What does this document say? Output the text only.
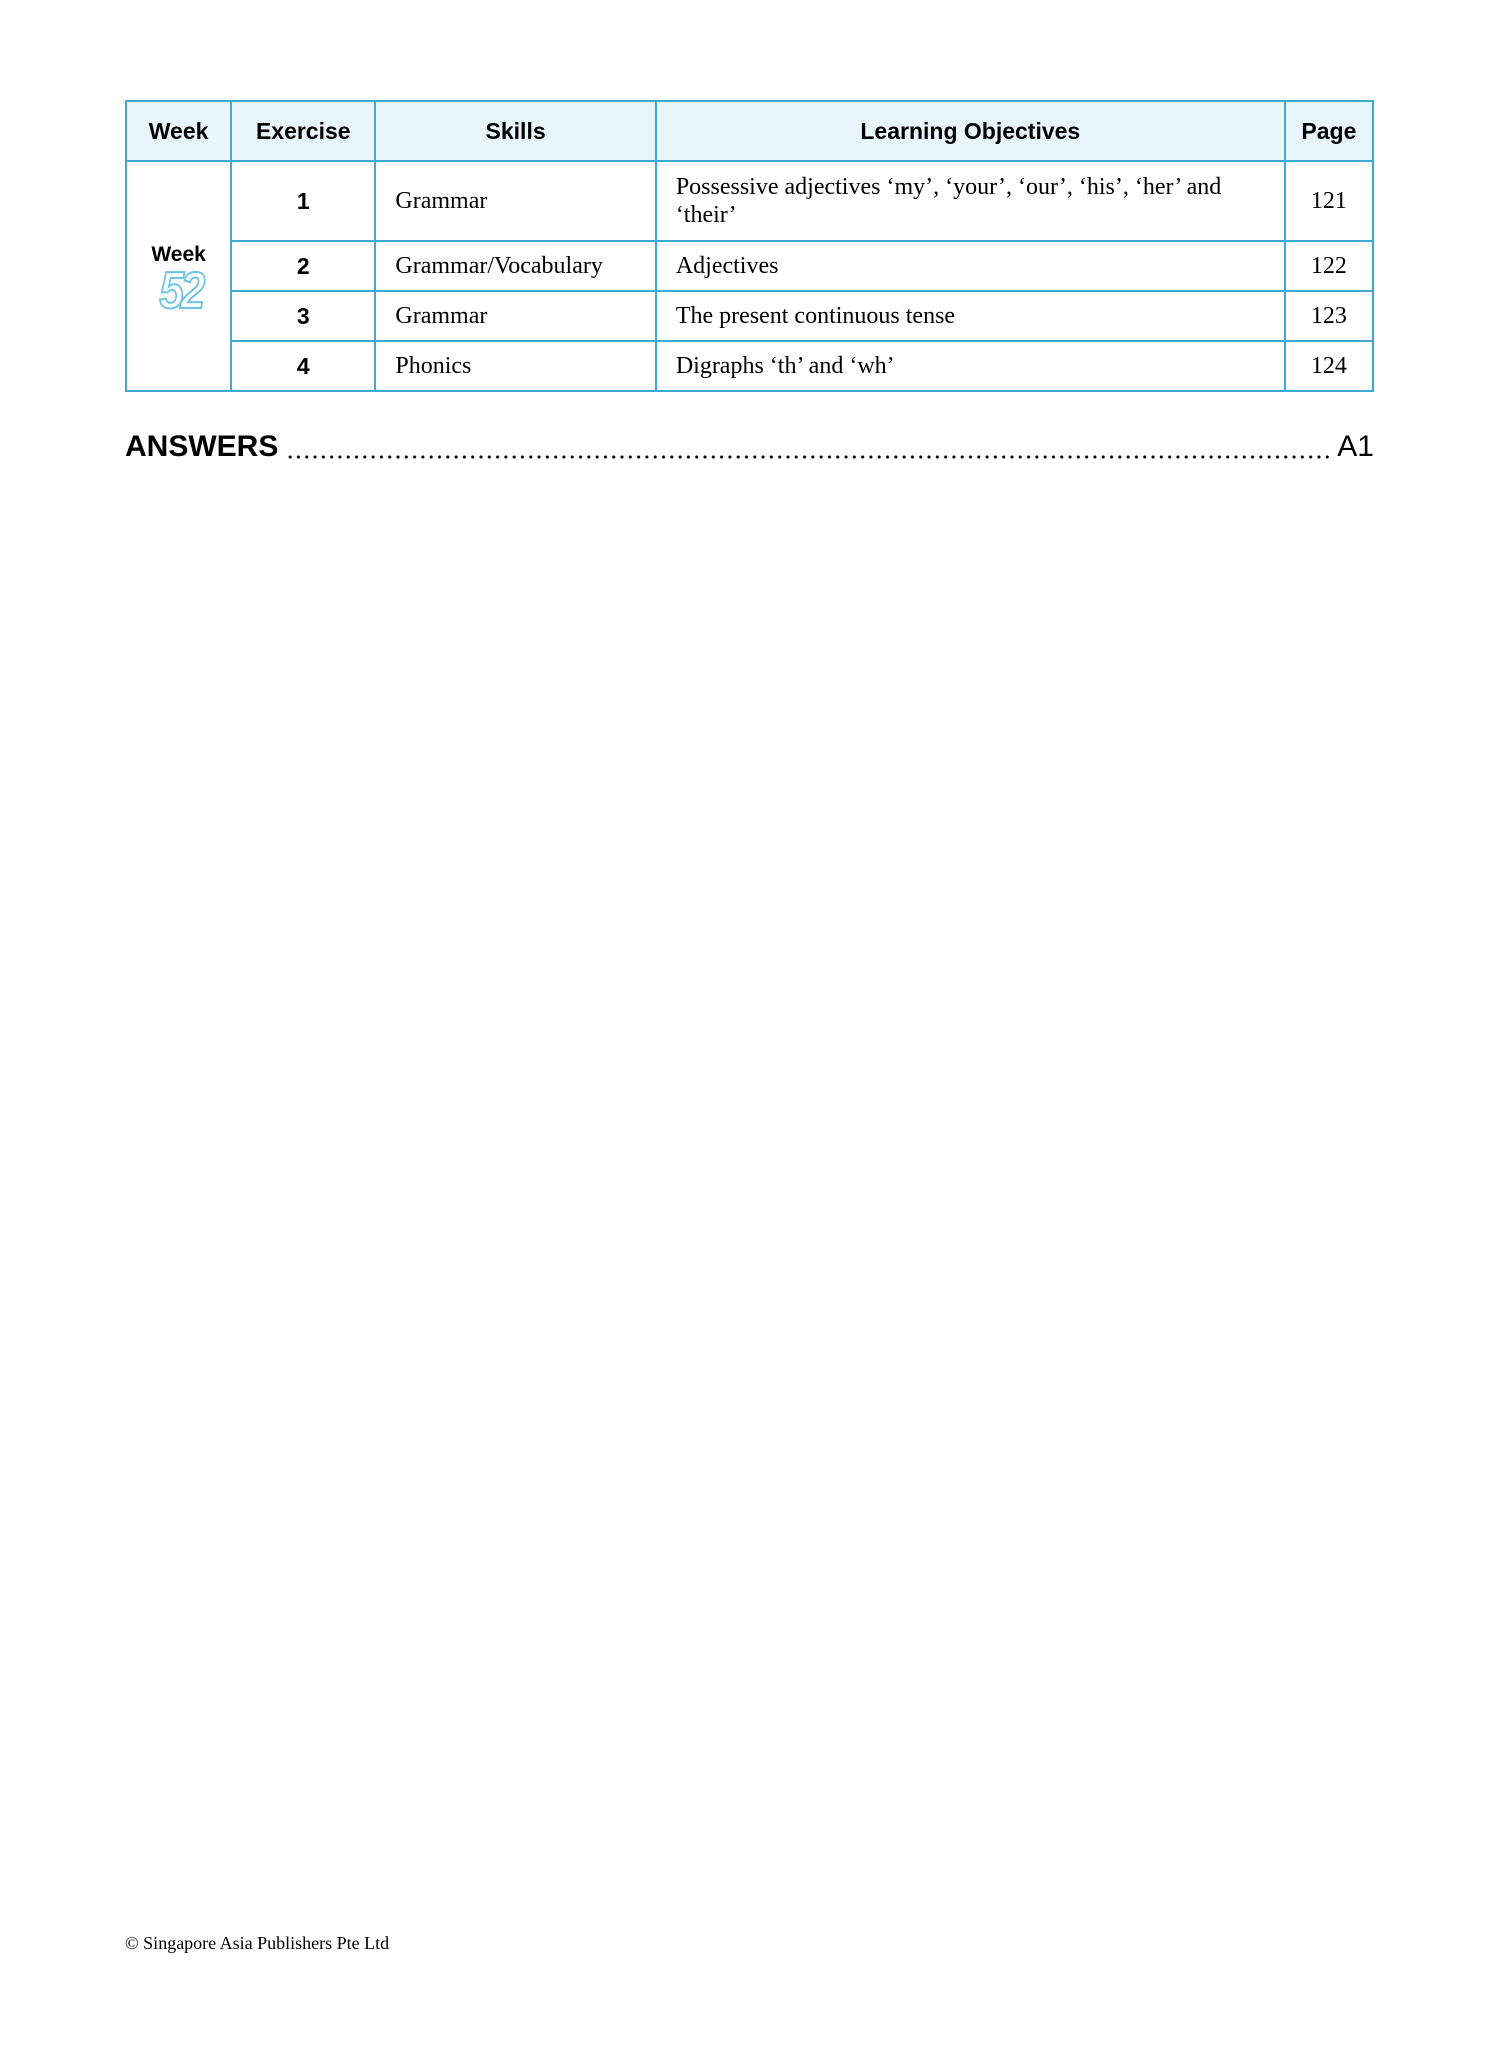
Week	Exercise	Skills	Learning Objectives	Page

Week
52	1	Grammar	Possessive adjectives ‘my’, ‘your’, ‘our’, ‘his’, ‘her’ and ‘their’	121
	2	Grammar/Vocabulary	Adjectives	122
	3	Grammar	The present continuous tense	123
	4	Phonics	Digraphs ‘th’ and ‘wh’	124
ANSWERS	A1
© Singapore Asia Publishers Pte Ltd
